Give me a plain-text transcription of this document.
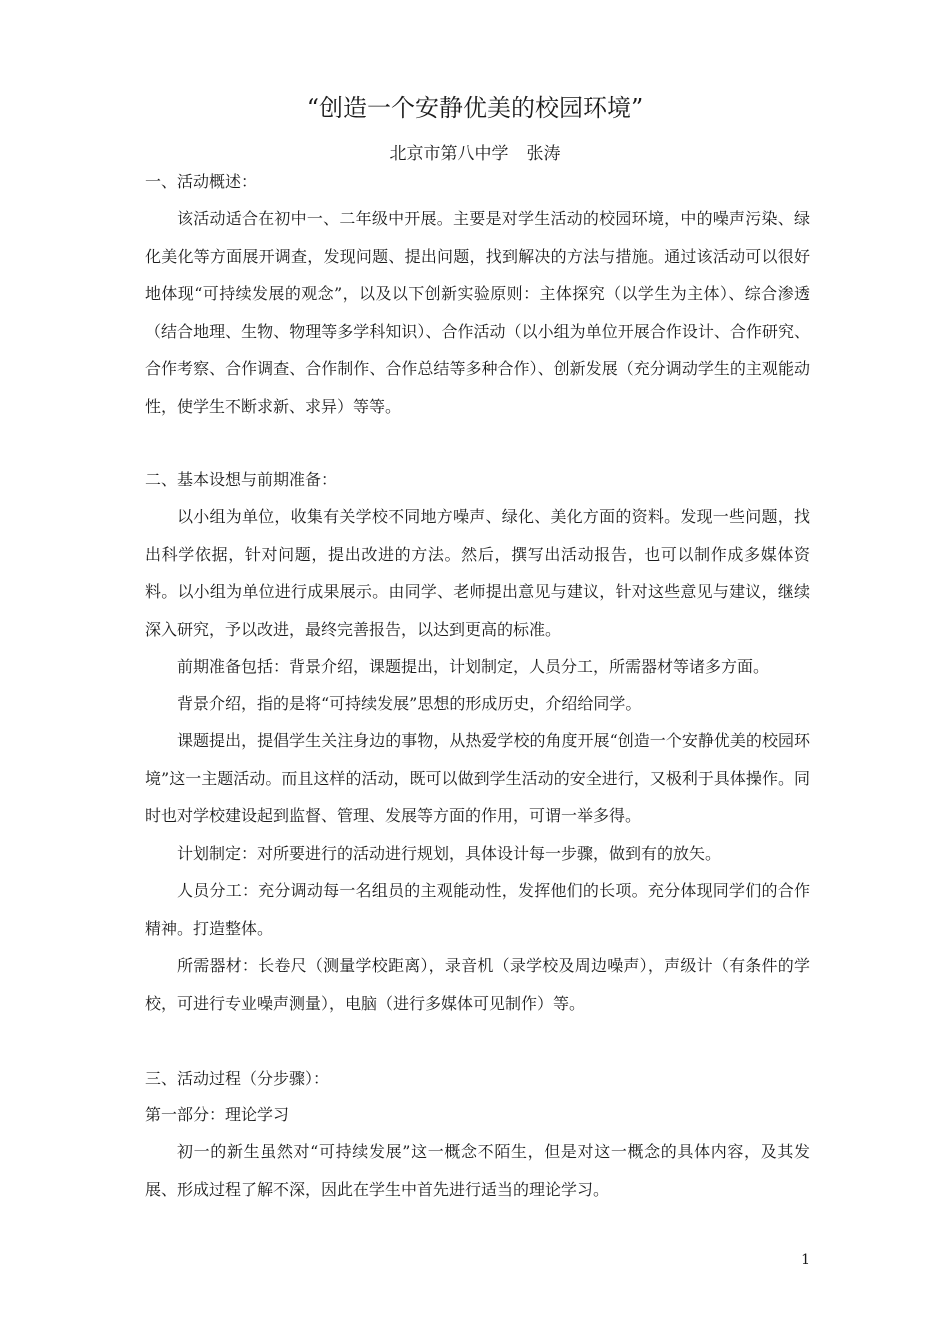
“创造一个安静优美的校园环境”
北京市第八中学 张涛
一、活动概述：
该活动适合在初中一、二年级中开展。主要是对学生活动的校园环境，中的噪声污染、绿化美化等方面展开调查，发现问题、提出问题，找到解决的方法与措施。通过该活动可以很好地体现“可持续发展的观念”，以及以下创新实验原则：主体探究（以学生为主体）、综合渗透（结合地理、生物、物理等多学科知识）、合作活动（以小组为单位开展合作设计、合作研究、合作考察、合作调查、合作制作、合作总结等多种合作）、创新发展（充分调动学生的主观能动性，使学生不断求新、求异）等等。
二、基本设想与前期准备：
以小组为单位，收集有关学校不同地方噪声、绿化、美化方面的资料。发现一些问题，找出科学依据，针对问题，提出改进的方法。然后，撰写出活动报告，也可以制作成多媒体资料。以小组为单位进行成果展示。由同学、老师提出意见与建议，针对这些意见与建议，继续深入研究，予以改进，最终完善报告，以达到更高的标准。
前期准备包括：背景介绍，课题提出，计划制定，人员分工，所需器材等诸多方面。
背景介绍，指的是将“可持续发展”思想的形成历史，介绍给同学。
课题提出，提倡学生关注身边的事物，从热爱学校的角度开展“创造一个安静优美的校园环境”这一主题活动。而且这样的活动，既可以做到学生活动的安全进行，又极利于具体操作。同时也对学校建设起到监督、管理、发展等方面的作用，可谓一举多得。
计划制定：对所要进行的活动进行规划，具体设计每一步骤，做到有的放矢。
人员分工：充分调动每一名组员的主观能动性，发挥他们的长项。充分体现同学们的合作精神。打造整体。
所需器材：长卷尺（测量学校距离），录音机（录学校及周边噪声），声级计（有条件的学校，可进行专业噪声测量），电脑（进行多媒体可见制作）等。
三、活动过程（分步骤）：
第一部分：理论学习
初一的新生虽然对“可持续发展”这一概念不陌生，但是对这一概念的具体内容，及其发展、形成过程了解不深，因此在学生中首先进行适当的理论学习。
1
